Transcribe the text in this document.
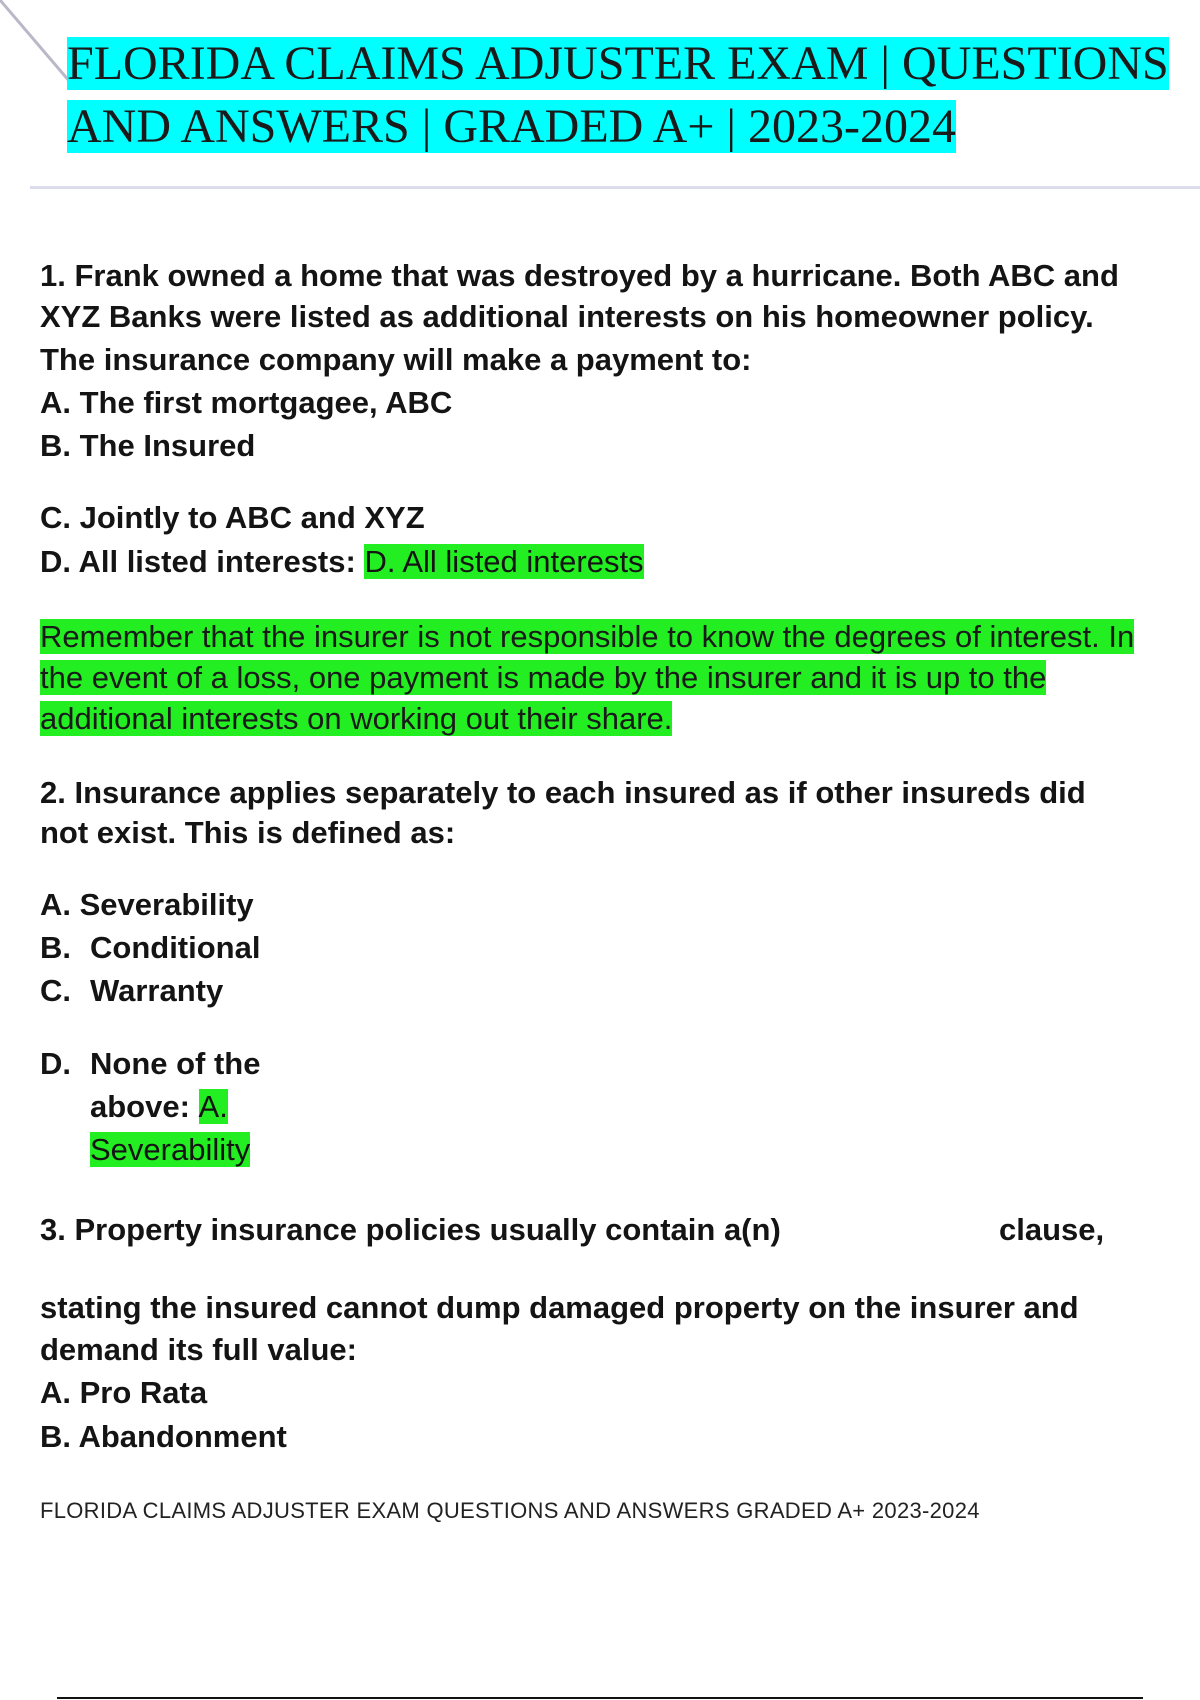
FLORIDA CLAIMS ADJUSTER EXAM | QUESTIONS
AND ANSWERS | GRADED A+ | 2023-2024
1. Frank owned a home that was destroyed by a hurricane. Both ABC and
XYZ Banks were listed as additional interests on his homeowner policy.
The insurance company will make a payment to:
A. The first mortgagee, ABC
B. The Insured
C. Jointly to ABC and XYZ
D. All listed interests: D. All listed interests
Remember that the insurer is not responsible to know the degrees of interest. In
the event of a loss, one payment is made by the insurer and it is up to the
additional interests on working out their share.
2. Insurance applies separately to each insured as if other insureds did
not exist. This is defined as:
A. Severability
B. Conditional
C. Warranty
D. None of the
above: A.
Severability
3. Property insurance policies usually contain a(n)	clause,
stating the insured cannot dump damaged property on the insurer and
demand its full value:
A. Pro Rata
B. Abandonment
FLORIDA CLAIMS ADJUSTER EXAM QUESTIONS AND ANSWERS GRADED A+ 2023-2024
